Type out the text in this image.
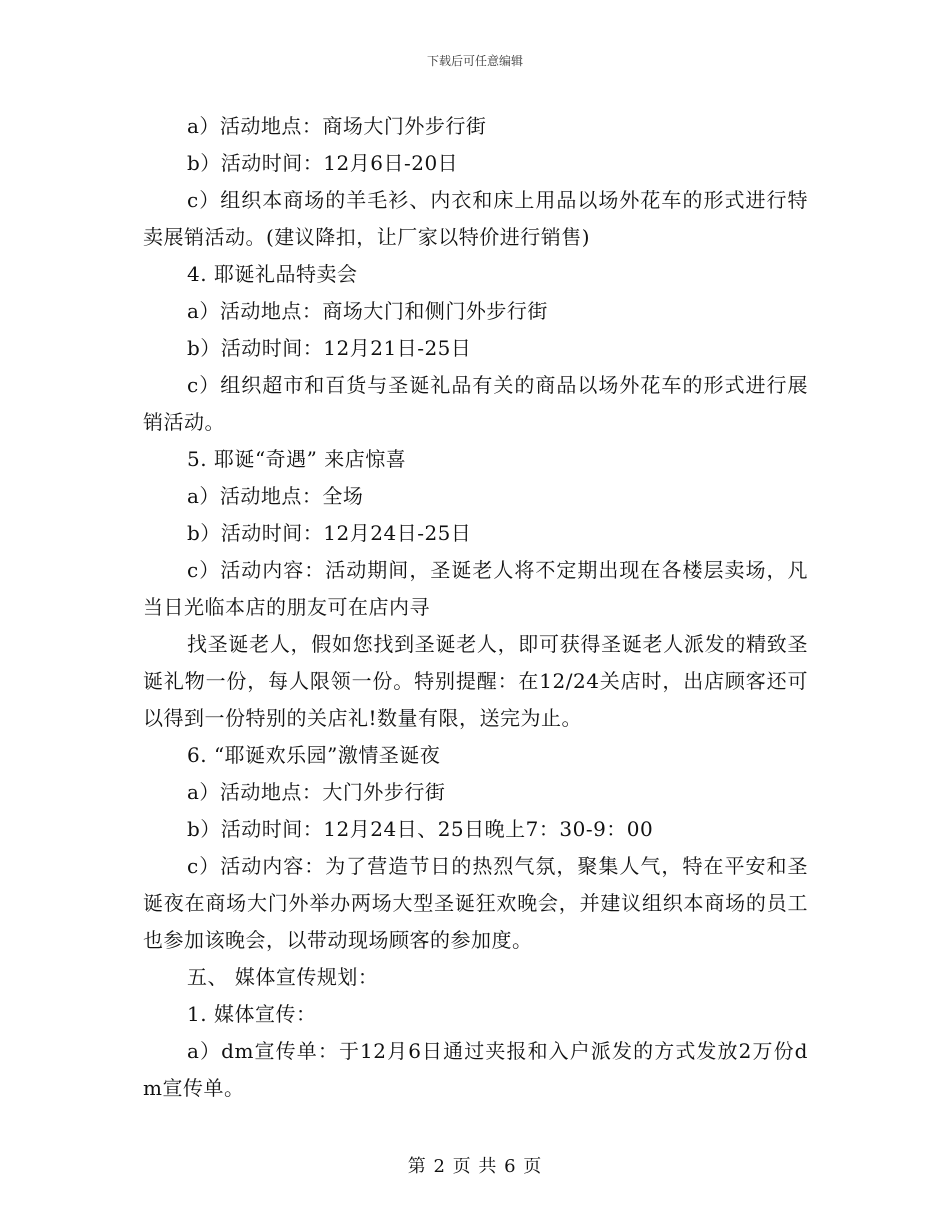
下载后可任意编辑

a）活动地点：商场大门外步行街

b）活动时间：12月6日-20日

c）组织本商场的羊毛衫、内衣和床上用品以场外花车的形式进行特卖展销活动。(建议降扣，让厂家以特价进行销售)

4. 耶诞礼品特卖会

a）活动地点：商场大门和侧门外步行街

b）活动时间：12月21日-25日

c）组织超市和百货与圣诞礼品有关的商品以场外花车的形式进行展销活动。

5. 耶诞“奇遇” 来店惊喜

a）活动地点：全场

b）活动时间：12月24日-25日

c）活动内容：活动期间，圣诞老人将不定期出现在各楼层卖场，凡当日光临本店的朋友可在店内寻

找圣诞老人，假如您找到圣诞老人，即可获得圣诞老人派发的精致圣诞礼物一份，每人限领一份。特别提醒：在12/24关店时，出店顾客还可以得到一份特别的关店礼!数量有限，送完为止。

6. “耶诞欢乐园”激情圣诞夜

a）活动地点：大门外步行街

b）活动时间：12月24日、25日晚上7：30-9：00

c）活动内容：为了营造节日的热烈气氛，聚集人气，特在平安和圣诞夜在商场大门外举办两场大型圣诞狂欢晚会，并建议组织本商场的员工也参加该晚会，以带动现场顾客的参加度。

五、 媒体宣传规划：

1. 媒体宣传：

a）dm宣传单：于12月6日通过夹报和入户派发的方式发放2万份dm宣传单。

第 2 页 共 6 页
